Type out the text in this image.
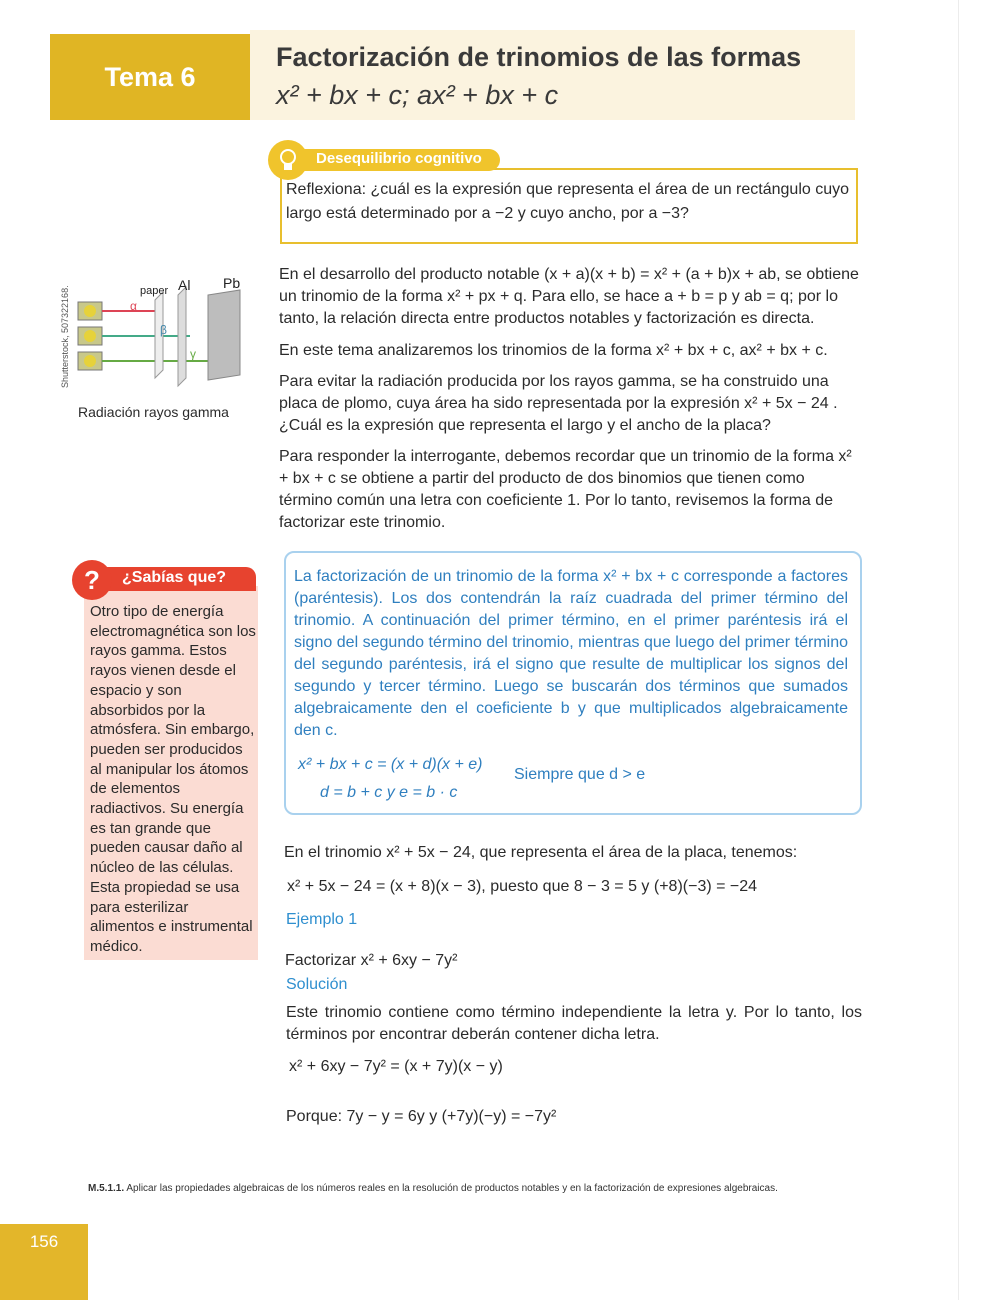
Tema 6
Factorización de trinomios de las formas
x² + bx + c; ax² + bx + c
Desequilibrio cognitivo
Reflexiona: ¿cuál es la expresión que representa el área de un rectángulo cuyo largo está determinado por a −2 y cuyo ancho, por a −3?
Shutterstock, 507322168.	paper Al Pb
α
β
γ
Radiación rayos gamma
En el desarrollo del producto notable (x + a)(x + b) = x² + (a + b)x + ab, se obtiene un trinomio de la forma x² + px + q. Para ello, se hace a + b = p y ab = q; por lo tanto, la relación directa entre productos notables y factorización es directa.
En este tema analizaremos los trinomios de la forma x² + bx + c, ax² + bx + c.
Para evitar la radiación producida por los rayos gamma, se ha construido una placa de plomo, cuya área ha sido representada por la expresión x² + 5x − 24 . ¿Cuál es la expresión que representa el largo y el ancho de la placa?
Para responder la interrogante, debemos recordar que un trinomio de la forma x² + bx + c se obtiene a partir del producto de dos binomios que tienen como término común una letra con coeficiente 1. Por lo tanto, revisemos la forma de factorizar este trinomio.
?	¿Sabías que?
Otro tipo de energía electromagnética son los rayos gamma. Estos rayos vienen desde el espacio y son absorbidos por la atmósfera. Sin embargo, pueden ser producidos al manipular los átomos de elementos radiactivos. Su energía es tan grande que pueden causar daño al núcleo de las células. Esta propiedad se usa para esterilizar alimentos e instrumental médico.
La factorización de un trinomio de la forma x² + bx + c corresponde a factores (paréntesis). Los dos contendrán la raíz cuadrada del primer término del trinomio. A continuación del primer término, en el primer paréntesis irá el signo del segundo término del trinomio, mientras que luego del primer término del segundo paréntesis, irá el signo que resulte de multiplicar los signos del segundo y tercer término. Luego se buscarán dos términos que sumados algebraicamente den el coeficiente b y que multiplicados algebraicamente den c.
x² + bx + c = (x + d)(x + e)
d = b + c y e = b · c
Siempre que d > e
En el trinomio x² + 5x − 24, que representa el área de la placa, tenemos:
x² + 5x − 24 = (x + 8)(x − 3), puesto que 8 − 3 = 5 y (+8)(−3) = −24
Ejemplo 1
Factorizar x² + 6xy − 7y²
Solución
Este trinomio contiene como término independiente la letra y. Por lo tanto, los términos por encontrar deberán contener dicha letra.
x² + 6xy − 7y² = (x + 7y)(x − y)
Porque: 7y − y = 6y y (+7y)(−y) = −7y²
M.5.1.1. Aplicar las propiedades algebraicas de los números reales en la resolución de productos notables y en la factorización de expresiones algebraicas.
156
